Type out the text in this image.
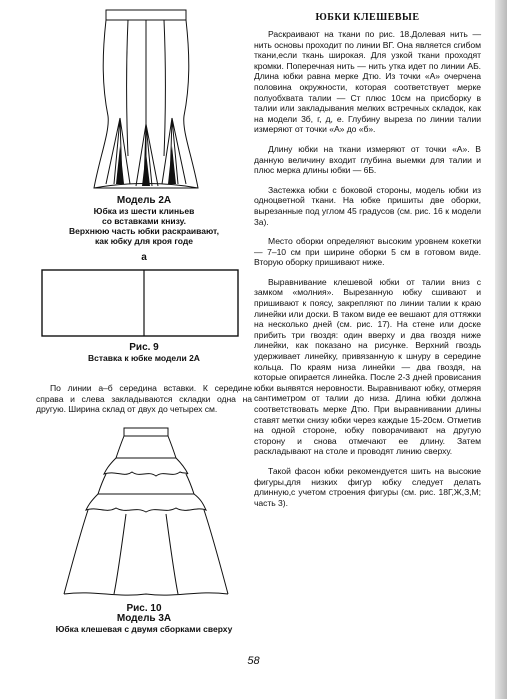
Модель 2А
Юбка из шести клиньев
со вставками книзу.
Верхнюю часть юбки раскраивают,
как юбку для кроя годе
а
Рис. 9
Вставка к юбке модели 2А

По линии а–б середина вставки. К середине справа и слева закладываются складки одна на другую. Ширина склад от двух до четырех см.

Рис. 10
Модель 3А
Юбка клешевая с двумя сборками сверху
ЮБКИ КЛЕШЕВЫЕ

Раскраивают на ткани по рис. 18.Долевая нить — нить основы проходит по линии ВГ. Она является сгибом ткани,если ткань широкая. Для узкой ткани проходят кромки. Поперечная нить — нить утка идет по линии АБ. Длина юбки равна мерке Дтю. Из точки «А» очерчена половина окружности, которая соответствует мерке полуобхвата талии — Ст плюс 10см на присборку в талии или закладывания мелких встречных складок, как на модели 3б, г, д, е. Глубину выреза по линии талии измеряют от точки «А» до «б».

Длину юбки на ткани измеряют от точки «А». В данную величину входит глубина выемки для талии и плюс мерка длины юбки — 6Б.

Застежка юбки с боковой стороны, модель юбки из одноцветной ткани. На юбке пришиты две оборки, вырезанные под углом 45 градусов (см. рис. 16 к модели 3а).

Место оборки определяют высоким уровнем кокетки — 7–10 см при ширине оборки 5 см в готовом виде. Вторую оборку пришивают ниже.

Выравнивание клешевой юбки от талии вниз с замком «молния». Вырезанную юбку сшивают и пришивают к поясу, закрепляют по линии талии к краю линейки или доски. В таком виде ее вешают для оттяжки на несколько дней (см. рис. 17). На стене или доске прибить три гвоздя: один вверху и два гвоздя ниже линейки, как показано на рисунке. Верхний гвоздь удерживает линейку, привязанную к шнуру в середине кольца. По краям низа линейки — два гвоздя, на которые опирается линейка. После 2-3 дней провисания юбки выявятся неровности. Выравнивают юбку, отмеряя сантиметром от талии до низа. Длина юбки должна соответствовать мерке Дтю. При выравнивании длины ставят метки снизу юбки через каждые 15-20см. Отметив на одной стороне, юбку поворачивают на другую сторону и снова отмечают ее длину. Затем раскладывают на столе и проводят линию сверху.

Такой фасон юбки рекомендуется шить на высокие фигуры,для низких фигур юбку следует делать длинную,с учетом строения фигуры (см. рис. 18Г,Ж,З,М; часть 3).

58
